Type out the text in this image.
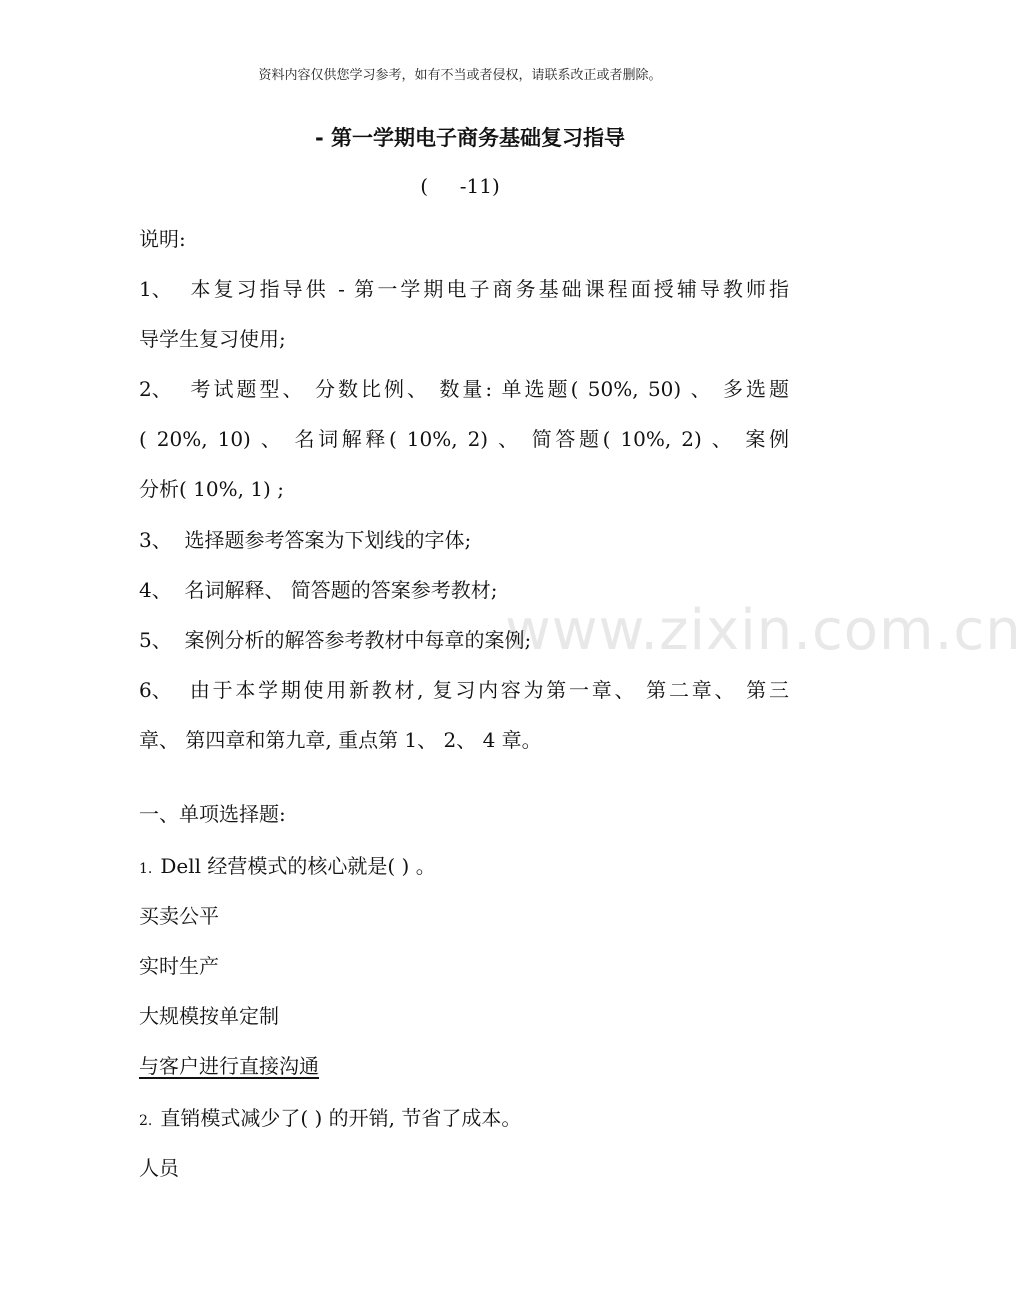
www.zixin.com.cn
资料内容仅供您学习参考，如有不当或者侵权，请联系改正或者删除。
- 第一学期电子商务基础复习指导
(     -11)
说明:
1、 本复习指导供 - 第一学期电子商务基础课程面授辅导教师指
导学生复习使用;
2、 考试题型、 分数比例、 数量: 单选题( 50%, 50) 、 多选题
( 20%, 10) 、 名词解释( 10%, 2) 、 简答题( 10%, 2) 、 案例
分析( 10%, 1) ;
3、 选择题参考答案为下划线的字体;
4、 名词解释、 简答题的答案参考教材;
5、 案例分析的解答参考教材中每章的案例;
6、 由于本学期使用新教材, 复习内容为第一章、 第二章、 第三
章、 第四章和第九章, 重点第 1、 2、 4 章。
一、单项选择题:
1. Dell 经营模式的核心就是( ) 。
买卖公平
实时生产
大规模按单定制
与客户进行直接沟通
2. 直销模式减少了( ) 的开销, 节省了成本。
人员
